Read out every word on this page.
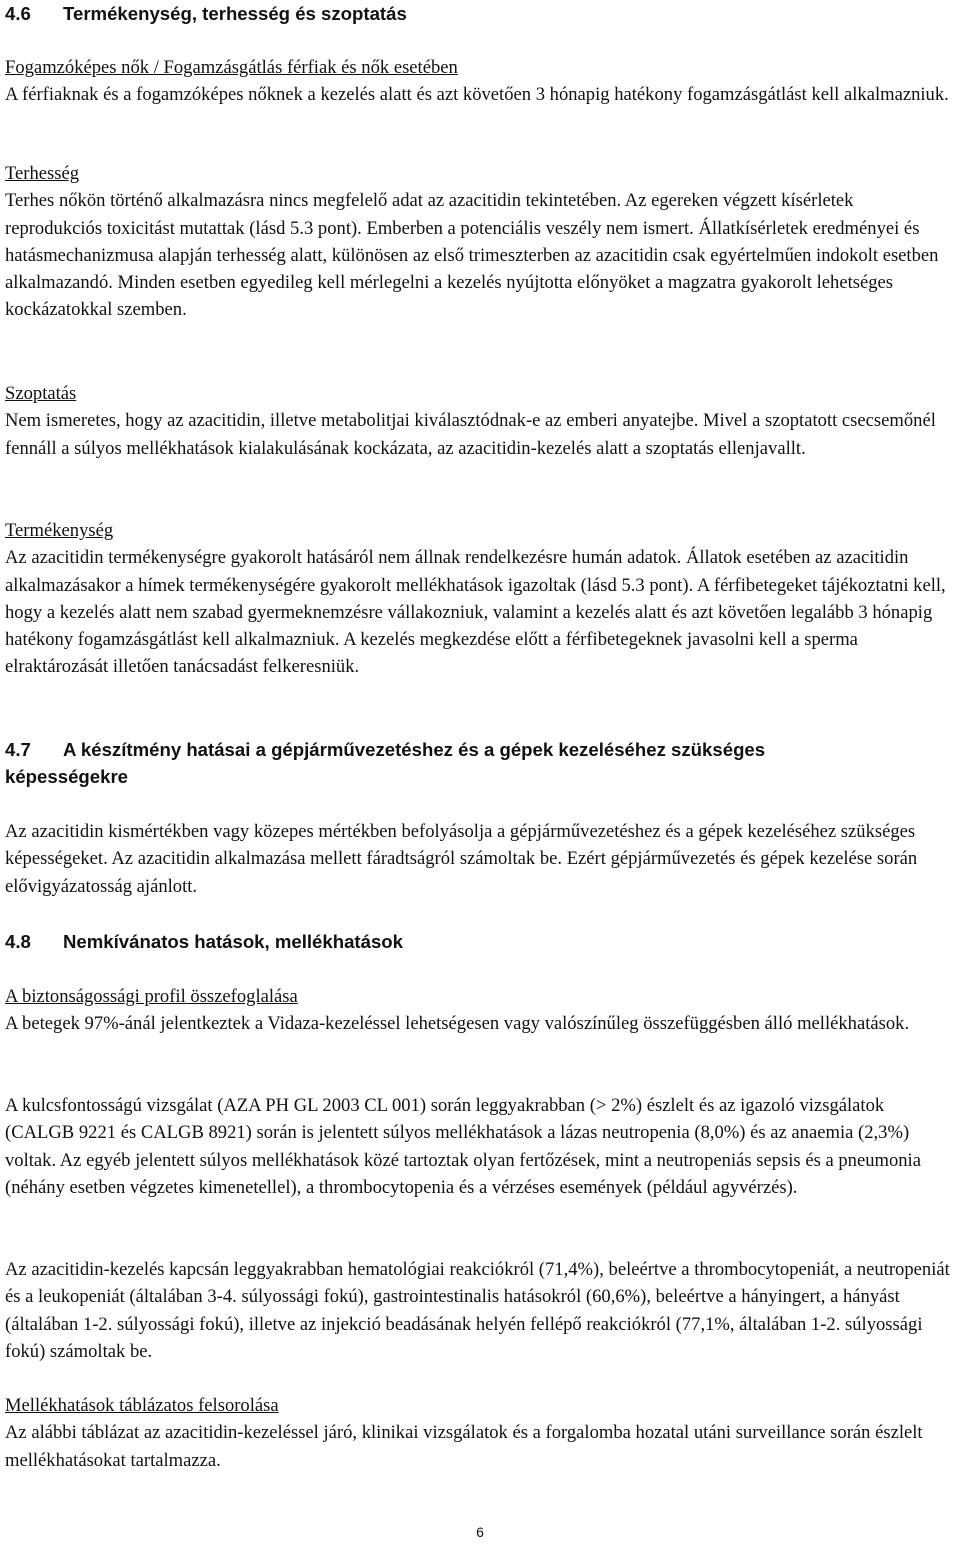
4.6 Termékenység, terhesség és szoptatás
Fogamzóképes nők / Fogamzásgátlás férfiak és nők esetében
A férfiaknak és a fogamzóképes nőknek a kezelés alatt és azt követően 3 hónapig hatékony fogamzásgátlást kell alkalmazniuk.
Terhesség
Terhes nőkön történő alkalmazásra nincs megfelelő adat az azacitidin tekintetében. Az egereken végzett kísérletek reprodukciós toxicitást mutattak (lásd 5.3 pont). Emberben a potenciális veszély nem ismert. Állatkísérletek eredményei és hatásmechanizmusa alapján terhesség alatt, különösen az első trimeszterben az azacitidin csak egyértelműen indokolt esetben alkalmazandó. Minden esetben egyedileg kell mérlegelni a kezelés nyújtotta előnyöket a magzatra gyakorolt lehetséges kockázatokkal szemben.
Szoptatás
Nem ismeretes, hogy az azacitidin, illetve metabolitjai kiválasztódnak-e az emberi anyatejbe. Mivel a szoptatott csecsemőnél fennáll a súlyos mellékhatások kialakulásának kockázata, az azacitidin-kezelés alatt a szoptatás ellenjavallt.
Termékenység
Az azacitidin termékenységre gyakorolt hatásáról nem állnak rendelkezésre humán adatok. Állatok esetében az azacitidin alkalmazásakor a hímek termékenységére gyakorolt mellékhatások igazoltak (lásd 5.3 pont). A férfibetegeket tájékoztatni kell, hogy a kezelés alatt nem szabad gyermeknemzésre vállakozniuk, valamint a kezelés alatt és azt követően legalább 3 hónapig hatékony fogamzásgátlást kell alkalmazniuk. A kezelés megkezdése előtt a férfibetegeknek javasolni kell a sperma elraktározását illetően tanácsadást felkeresniük.
4.7 A készítmény hatásai a gépjárművezetéshez és a gépek kezeléséhez szükséges
képességekre
Az azacitidin kismértékben vagy közepes mértékben befolyásolja a gépjárművezetéshez és a gépek kezeléséhez szükséges képességeket. Az azacitidin alkalmazása mellett fáradtságról számoltak be. Ezért gépjárművezetés és gépek kezelése során elővigyázatosság ajánlott.
4.8 Nemkívánatos hatások, mellékhatások
A biztonságossági profil összefoglalása
A betegek 97%-ánál jelentkeztek a Vidaza-kezeléssel lehetségesen vagy valószínűleg összefüggésben álló mellékhatások.
A kulcsfontosságú vizsgálat (AZA PH GL 2003 CL 001) során leggyakrabban (> 2%) észlelt és az igazoló vizsgálatok (CALGB 9221 és CALGB 8921) során is jelentett súlyos mellékhatások a lázas neutropenia (8,0%) és az anaemia (2,3%) voltak. Az egyéb jelentett súlyos mellékhatások közé tartoztak olyan fertőzések, mint a neutropeniás sepsis és a pneumonia (néhány esetben végzetes kimenetellel), a thrombocytopenia és a vérzéses események (például agyvérzés).
Az azacitidin-kezelés kapcsán leggyakrabban hematológiai reakciókról (71,4%), beleértve a thrombocytopeniát, a neutropeniát és a leukopeniát (általában 3-4. súlyossági fokú), gastrointestinalis hatásokról (60,6%), beleértve a hányingert, a hányást (általában 1-2. súlyossági fokú), illetve az injekció beadásának helyén fellépő reakciókról (77,1%, általában 1-2. súlyossági fokú) számoltak be.
Mellékhatások táblázatos felsorolása
Az alábbi táblázat az azacitidin-kezeléssel járó, klinikai vizsgálatok és a forgalomba hozatal utáni surveillance során észlelt mellékhatásokat tartalmazza.
6
